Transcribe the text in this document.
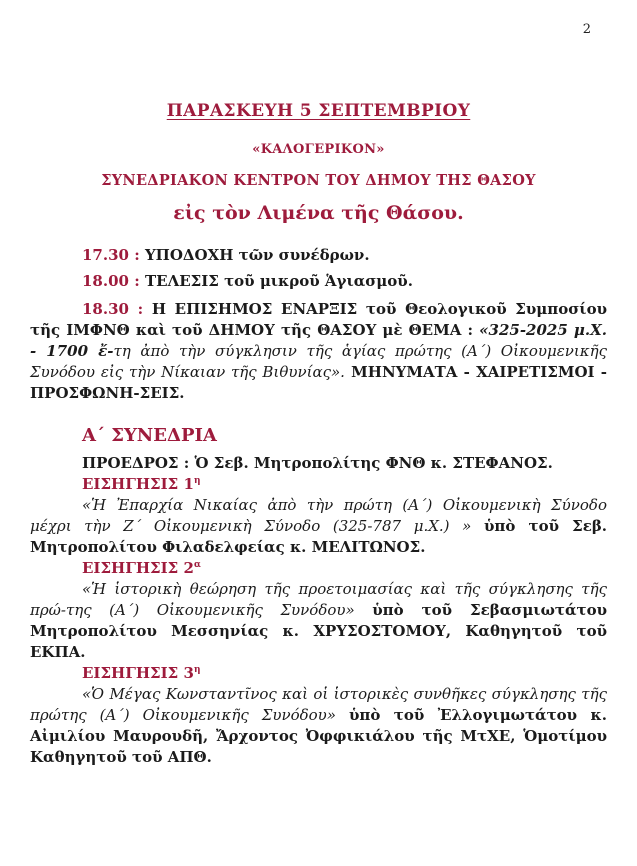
2
ΠΑΡΑΣΚΕΥΗ 5 ΣΕΠΤΕΜΒΡΙΟΥ
«ΚΑΛΟΓΕΡΙΚΟΝ»
ΣΥΝΕΔΡΙΑΚΟΝ ΚΕΝΤΡΟΝ ΤΟΥ ΔΗΜΟΥ ΤΗΣ ΘΑΣΟΥ
εἰς τὸν Λιμένα τῆς Θάσου.

17.30 : ΥΠΟΔΟΧΗ τῶν συνέδρων.

18.00 : ΤΕΛΕΣΙΣ τοῦ μικροῦ Ἁγιασμοῦ.

18.30 : Η ΕΠΙΣΗΜΟΣ ΕΝΑΡΞΙΣ τοῦ Θεολογικοῦ Συμποσίου τῆς ΙΜΦΝΘ καὶ τοῦ ΔΗΜΟΥ τῆς ΘΑΣΟΥ μὲ ΘΕΜΑ : «325-2025 μ.Χ. - 1700 ἔ-τη ἀπὸ τὴν σύγκλησιν τῆς ἁγίας πρώτης (Α´) Οἰκουμενικῆς Συνόδου εἰς τὴν Νίκαιαν τῆς Βιθυνίας». ΜΗΝΥΜΑΤΑ - ΧΑΙΡΕΤΙΣΜΟΙ - ΠΡΟΣΦΩΝΗ-ΣΕΙΣ.

Α´ ΣΥΝΕΔΡΙΑ

ΠΡΟΕΔΡΟΣ : Ὁ Σεβ. Μητροπολίτης ΦΝΘ κ. ΣΤΕΦΑΝΟΣ.

ΕΙΣΗΓΗΣΙΣ $1^\eta$

«Ἡ Ἐπαρχία Νικαίας ἀπὸ τὴν πρώτη (Α´) Οἰκουμενικὴ Σύνοδο μέχρι τὴν Ζ´ Οἰκουμενικὴ Σύνοδο (325-787 μ.Χ.) » ὑπὸ τοῦ Σεβ. Μητροπολίτου Φιλαδελφείας κ. ΜΕΛΙΤΩΝΟΣ.

ΕΙΣΗΓΗΣΙΣ $2^\alpha$

«Ἡ ἱστορικὴ θεώρηση τῆς προετοιμασίας καὶ τῆς σύγκλησης τῆς πρώ-της (Α´) Οἰκουμενικῆς Συνόδου» ὑπὸ τοῦ Σεβασμιωτάτου Μητροπολίτου Μεσσηνίας κ. ΧΡΥΣΟΣΤΟΜΟΥ, Καθηγητοῦ τοῦ ΕΚΠΑ.

ΕΙΣΗΓΗΣΙΣ $3^\eta$

«Ὁ Μέγας Κωνσταντῖνος καὶ οἱ ἱστορικὲς συνθῆκες σύγκλησης τῆς πρώτης (Α´) Οἰκουμενικῆς Συνόδου» ὑπὸ τοῦ Ἐλλογιμωτάτου κ. Αἰμιλίου Μαυρουδῆ, Ἄρχοντος Ὀφφικιάλου τῆς ΜτΧΕ, Ὁμοτίμου Καθηγητοῦ τοῦ ΑΠΘ.
